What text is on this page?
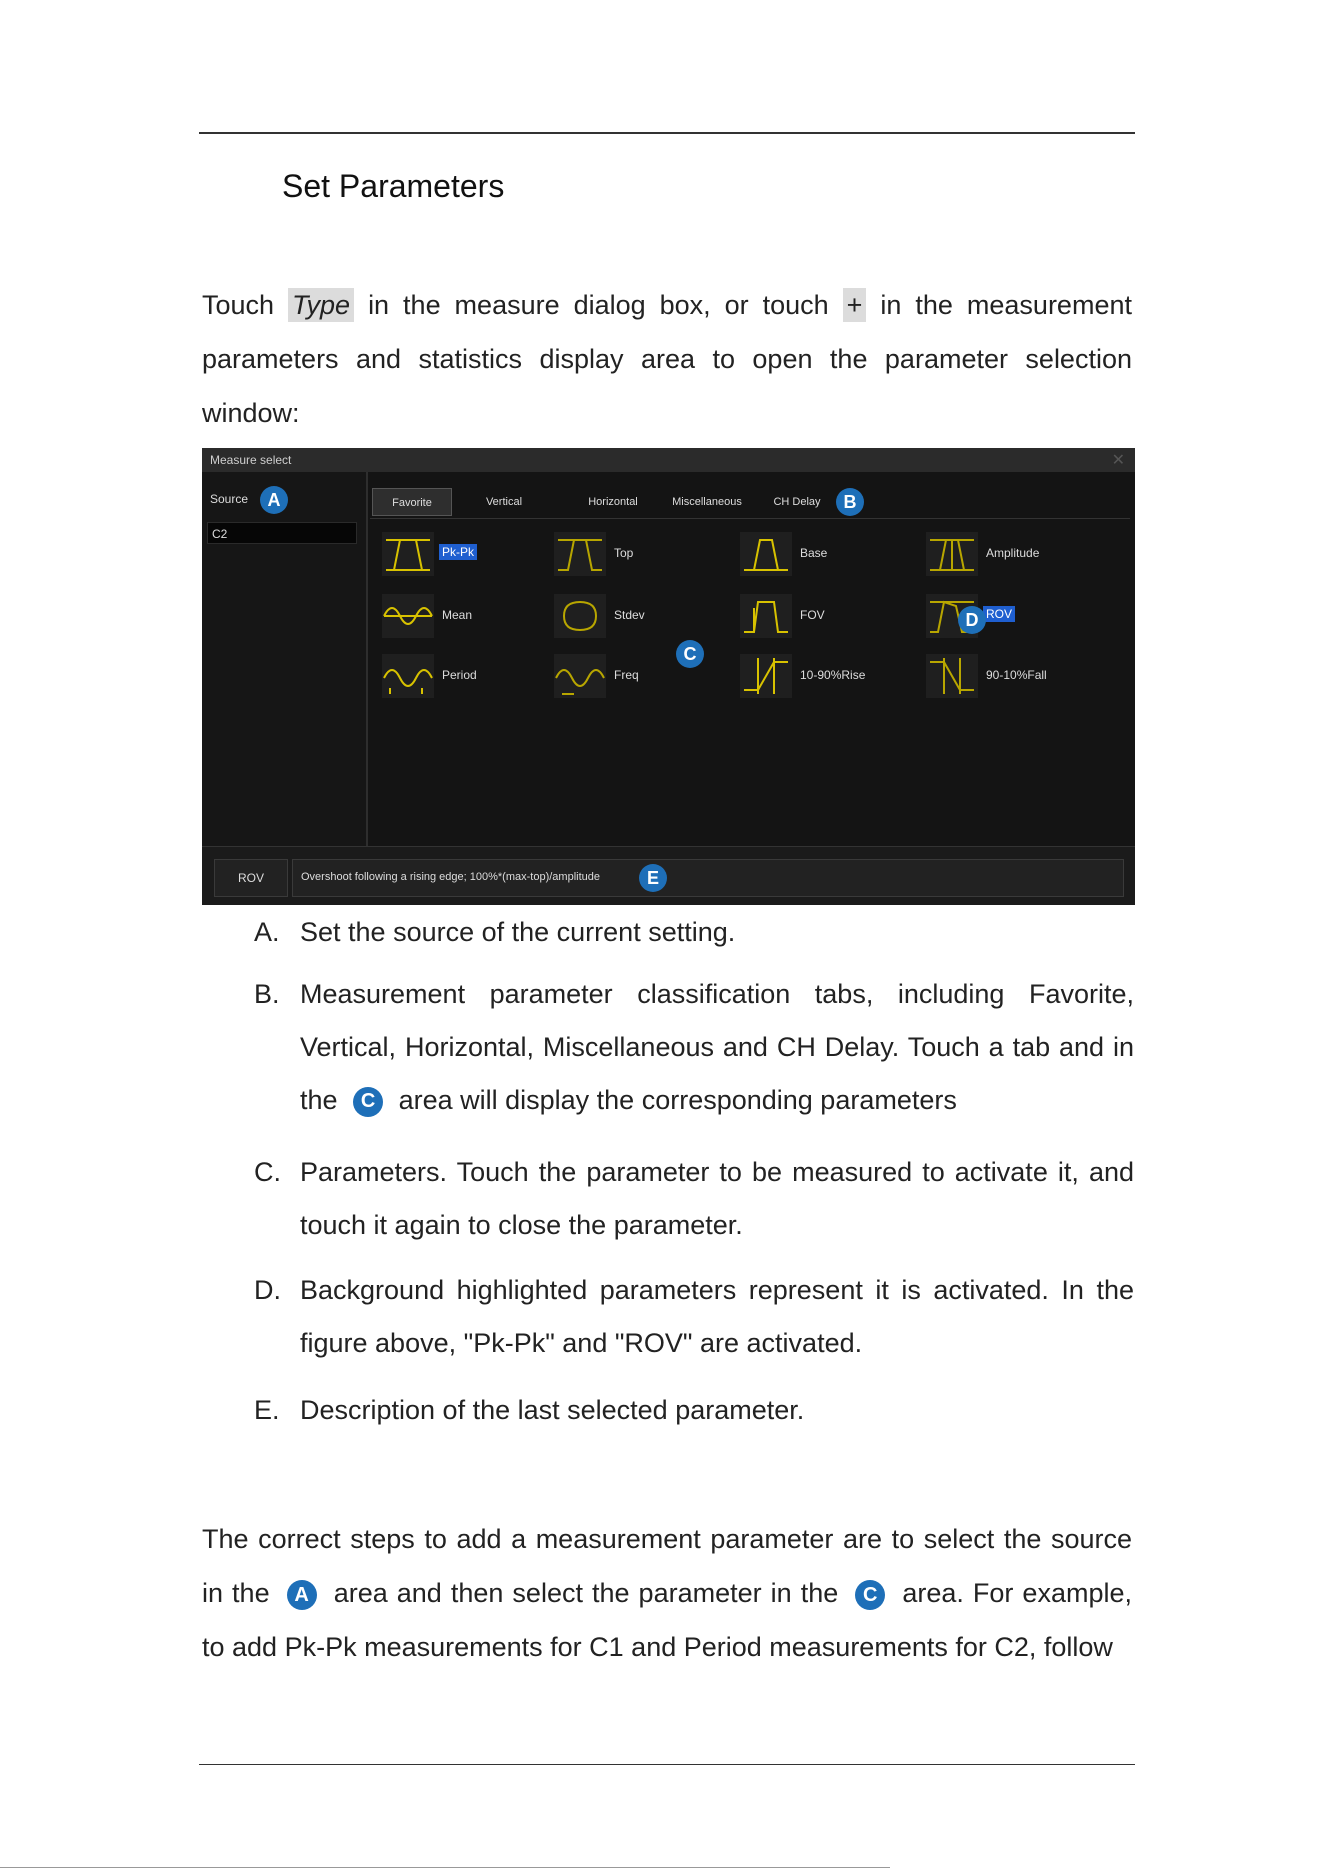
Set Parameters
Touch Type in the measure dialog box, or touch + in the measurement parameters and statistics display area to open the parameter selection window:
Measure select	✕
Source	A
C2
Favorite	Vertical	Horizontal	Miscellaneous	CH Delay	B
Pk-Pk	Top	Base	Amplitude
Mean	Stdev	FOV	ROV
Period	Freq	10-90%Rise	90-10%Fall
C
D
ROV	Overshoot following a rising edge; 100%*(max-top)/amplitude	E
A. Set the source of the current setting.
B. Measurement parameter classification tabs, including Favorite, Vertical, Horizontal, Miscellaneous and CH Delay. Touch a tab and in the C area will display the corresponding parameters
C. Parameters. Touch the parameter to be measured to activate it, and touch it again to close the parameter.
D. Background highlighted parameters represent it is activated. In the figure above, "Pk-Pk" and "ROV" are activated.
E. Description of the last selected parameter.
The correct steps to add a measurement parameter are to select the source in the A area and then select the parameter in the C area. For example, to add Pk-Pk measurements for C1 and Period measurements for C2, follow
